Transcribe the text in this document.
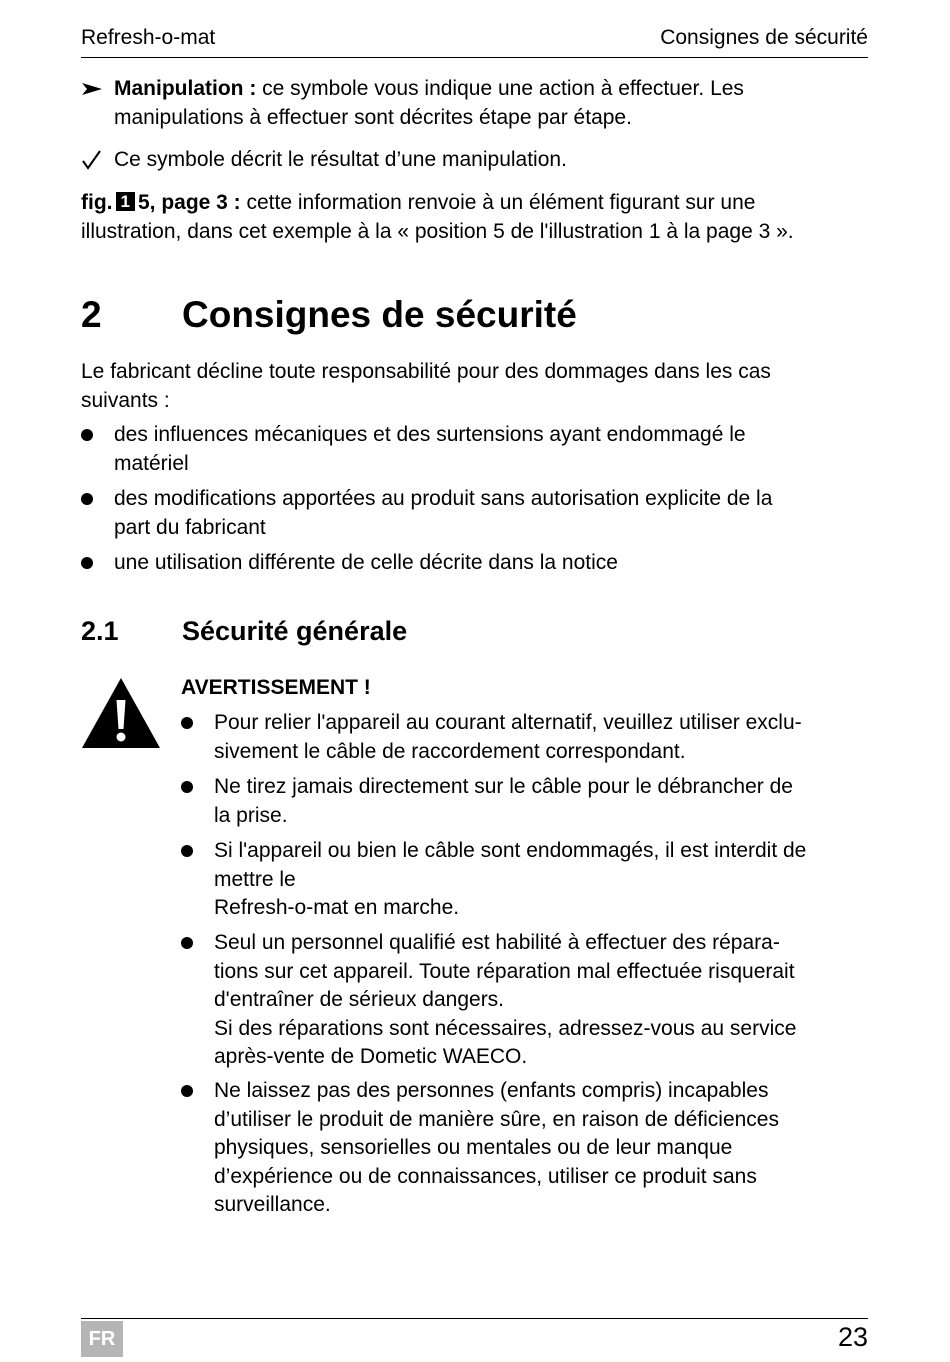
Refresh-o-mat	Consignes de sécurité
Manipulation : ce symbole vous indique une action à effectuer. Les
manipulations à effectuer sont décrites étape par étape.
Ce symbole décrit le résultat d’une manipulation.
fig. 1 5, page 3 : cette information renvoie à un élément figurant sur une
illustration, dans cet exemple à la « position 5 de l'illustration 1 à la page 3 ».
2 Consignes de sécurité
Le fabricant décline toute responsabilité pour des dommages dans les cas
suivants :
des influences mécaniques et des surtensions ayant endommagé le
matériel
des modifications apportées au produit sans autorisation explicite de la
part du fabricant
une utilisation différente de celle décrite dans la notice
2.1 Sécurité générale
AVERTISSEMENT !
Pour relier l'appareil au courant alternatif, veuillez utiliser exclu-
sivement le câble de raccordement correspondant.
Ne tirez jamais directement sur le câble pour le débrancher de
la prise.
Si l'appareil ou bien le câble sont endommagés, il est interdit de
mettre le
Refresh-o-mat en marche.
Seul un personnel qualifié est habilité à effectuer des répara-
tions sur cet appareil. Toute réparation mal effectuée risquerait
d'entraîner de sérieux dangers.
Si des réparations sont nécessaires, adressez-vous au service
après-vente de Dometic WAECO.
Ne laissez pas des personnes (enfants compris) incapables
d’utiliser le produit de manière sûre, en raison de déficiences
physiques, sensorielles ou mentales ou de leur manque
d’expérience ou de connaissances, utiliser ce produit sans
surveillance.
FR	23
